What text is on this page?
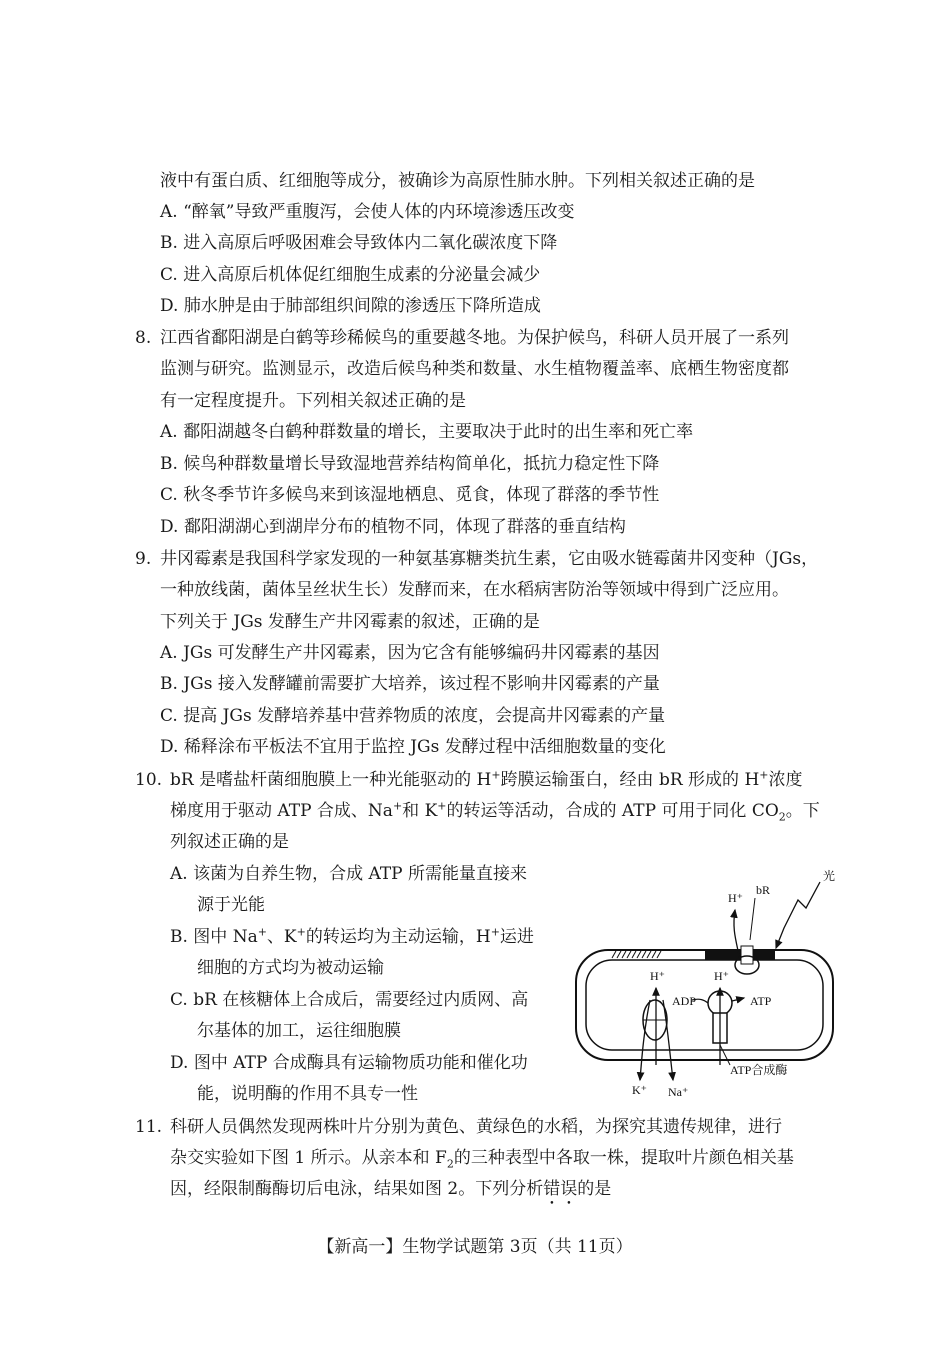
液中有蛋白质、红细胞等成分，被确诊为高原性肺水肿。下列相关叙述正确的是
A. “醉氧”导致严重腹泻，会使人体的内环境渗透压改变
B. 进入高原后呼吸困难会导致体内二氧化碳浓度下降
C. 进入高原后机体促红细胞生成素的分泌量会减少
D. 肺水肿是由于肺部组织间隙的渗透压下降所造成
8. 江西省鄱阳湖是白鹤等珍稀候鸟的重要越冬地。为保护候鸟，科研人员开展了一系列
监测与研究。监测显示，改造后候鸟种类和数量、水生植物覆盖率、底栖生物密度都
有一定程度提升。下列相关叙述正确的是
A. 鄱阳湖越冬白鹤种群数量的增长，主要取决于此时的出生率和死亡率
B. 候鸟种群数量增长导致湿地营养结构简单化，抵抗力稳定性下降
C. 秋冬季节许多候鸟来到该湿地栖息、觅食，体现了群落的季节性
D. 鄱阳湖湖心到湖岸分布的植物不同，体现了群落的垂直结构
9. 井冈霉素是我国科学家发现的一种氨基寡糖类抗生素，它由吸水链霉菌井冈变种（JGs，
一种放线菌，菌体呈丝状生长）发酵而来，在水稻病害防治等领域中得到广泛应用。
下列关于 JGs 发酵生产井冈霉素的叙述，正确的是
A. JGs 可发酵生产井冈霉素，因为它含有能够编码井冈霉素的基因
B. JGs 接入发酵罐前需要扩大培养，该过程不影响井冈霉素的产量
C. 提高 JGs 发酵培养基中营养物质的浓度，会提高井冈霉素的产量
D. 稀释涂布平板法不宜用于监控 JGs 发酵过程中活细胞数量的变化
10. bR 是嗜盐杆菌细胞膜上一种光能驱动的 H+跨膜运输蛋白，经由 bR 形成的 H+浓度
梯度用于驱动 ATP 合成、Na+和 K+的转运等活动，合成的 ATP 可用于同化 $CO_2$。下
列叙述正确的是
A. 该菌为自养生物，合成 ATP 所需能量直接来
源于光能
B. 图中 Na+、K+的转运均为主动运输，H+运进
细胞的方式均为被动运输
C. bR 在核糖体上合成后，需要经过内质网、高
尔基体的加工，运往细胞膜
D. 图中 ATP 合成酶具有运输物质功能和催化功
能，说明酶的作用不具专一性
光
bR
H⁺
H⁺
K⁺ Na⁺
H⁺
ADP	ATP
ATP合成酶
11. 科研人员偶然发现两株叶片分别为黄色、黄绿色的水稻，为探究其遗传规律，进行
杂交实验如下图 1 所示。从亲本和 $F_2$的三种表型中各取一株，提取叶片颜色相关基
因，经限制酶酶切后电泳，结果如图 2。下列分析错误的是
【新高一】生物学试题第 3页（共 11页）
